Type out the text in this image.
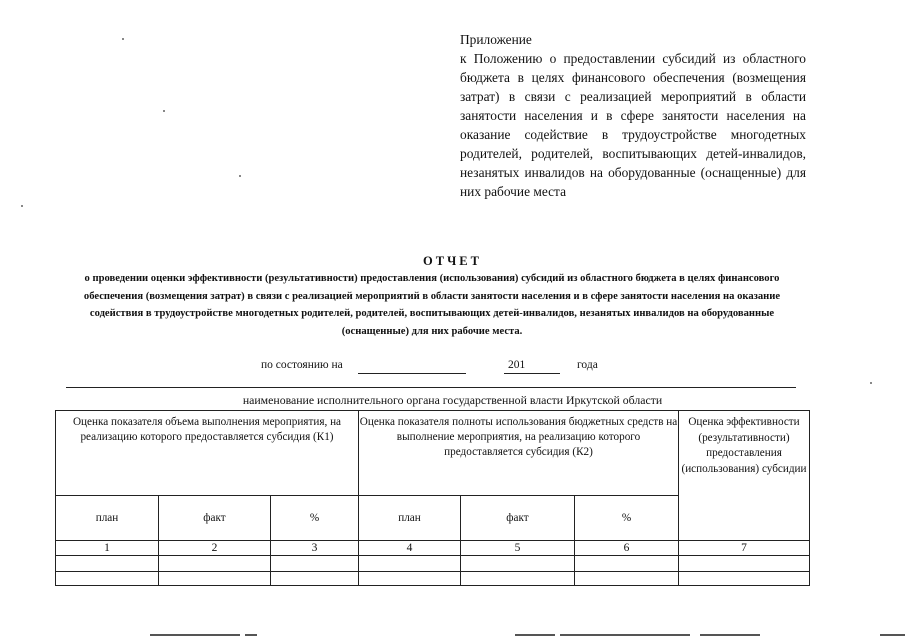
Приложение
к Положению о предоставлении субсидий из областного бюджета в целях финансового обеспечения (возмещения затрат) в связи с реализацией мероприятий в области занятости населения и в сфере занятости населения на оказание содействие в трудоустройстве многодетных родителей, родителей, воспитывающих детей-инвалидов, незанятых инвалидов на оборудованные (оснащенные) для них рабочие места
ОТЧЕТ
о проведении оценки эффективности (результативности) предоставления (использования) субсидий из областного бюджета в целях финансового обеспечения (возмещения затрат) в связи с реализацией мероприятий в области занятости населения и в сфере занятости населения на оказание содействия в трудоустройстве многодетных родителей, родителей, воспитывающих детей-инвалидов, незанятых инвалидов на оборудованные (оснащенные) для них рабочие места.
по состоянию на	201	года
наименование исполнительного органа государственной власти Иркутской области
Оценка показателя объема выполнения мероприятия, на реализацию которого предоставляется субсидия (К1)			Оценка показателя полноты использования бюджетных средств на выполнение мероприятия, на реализацию которого предоставляется субсидия (К2)			Оценка эффективности (результативности) предоставления (использования) субсидии
план	факт	%	план	факт	%	
1	2	3	4	5	6	7
